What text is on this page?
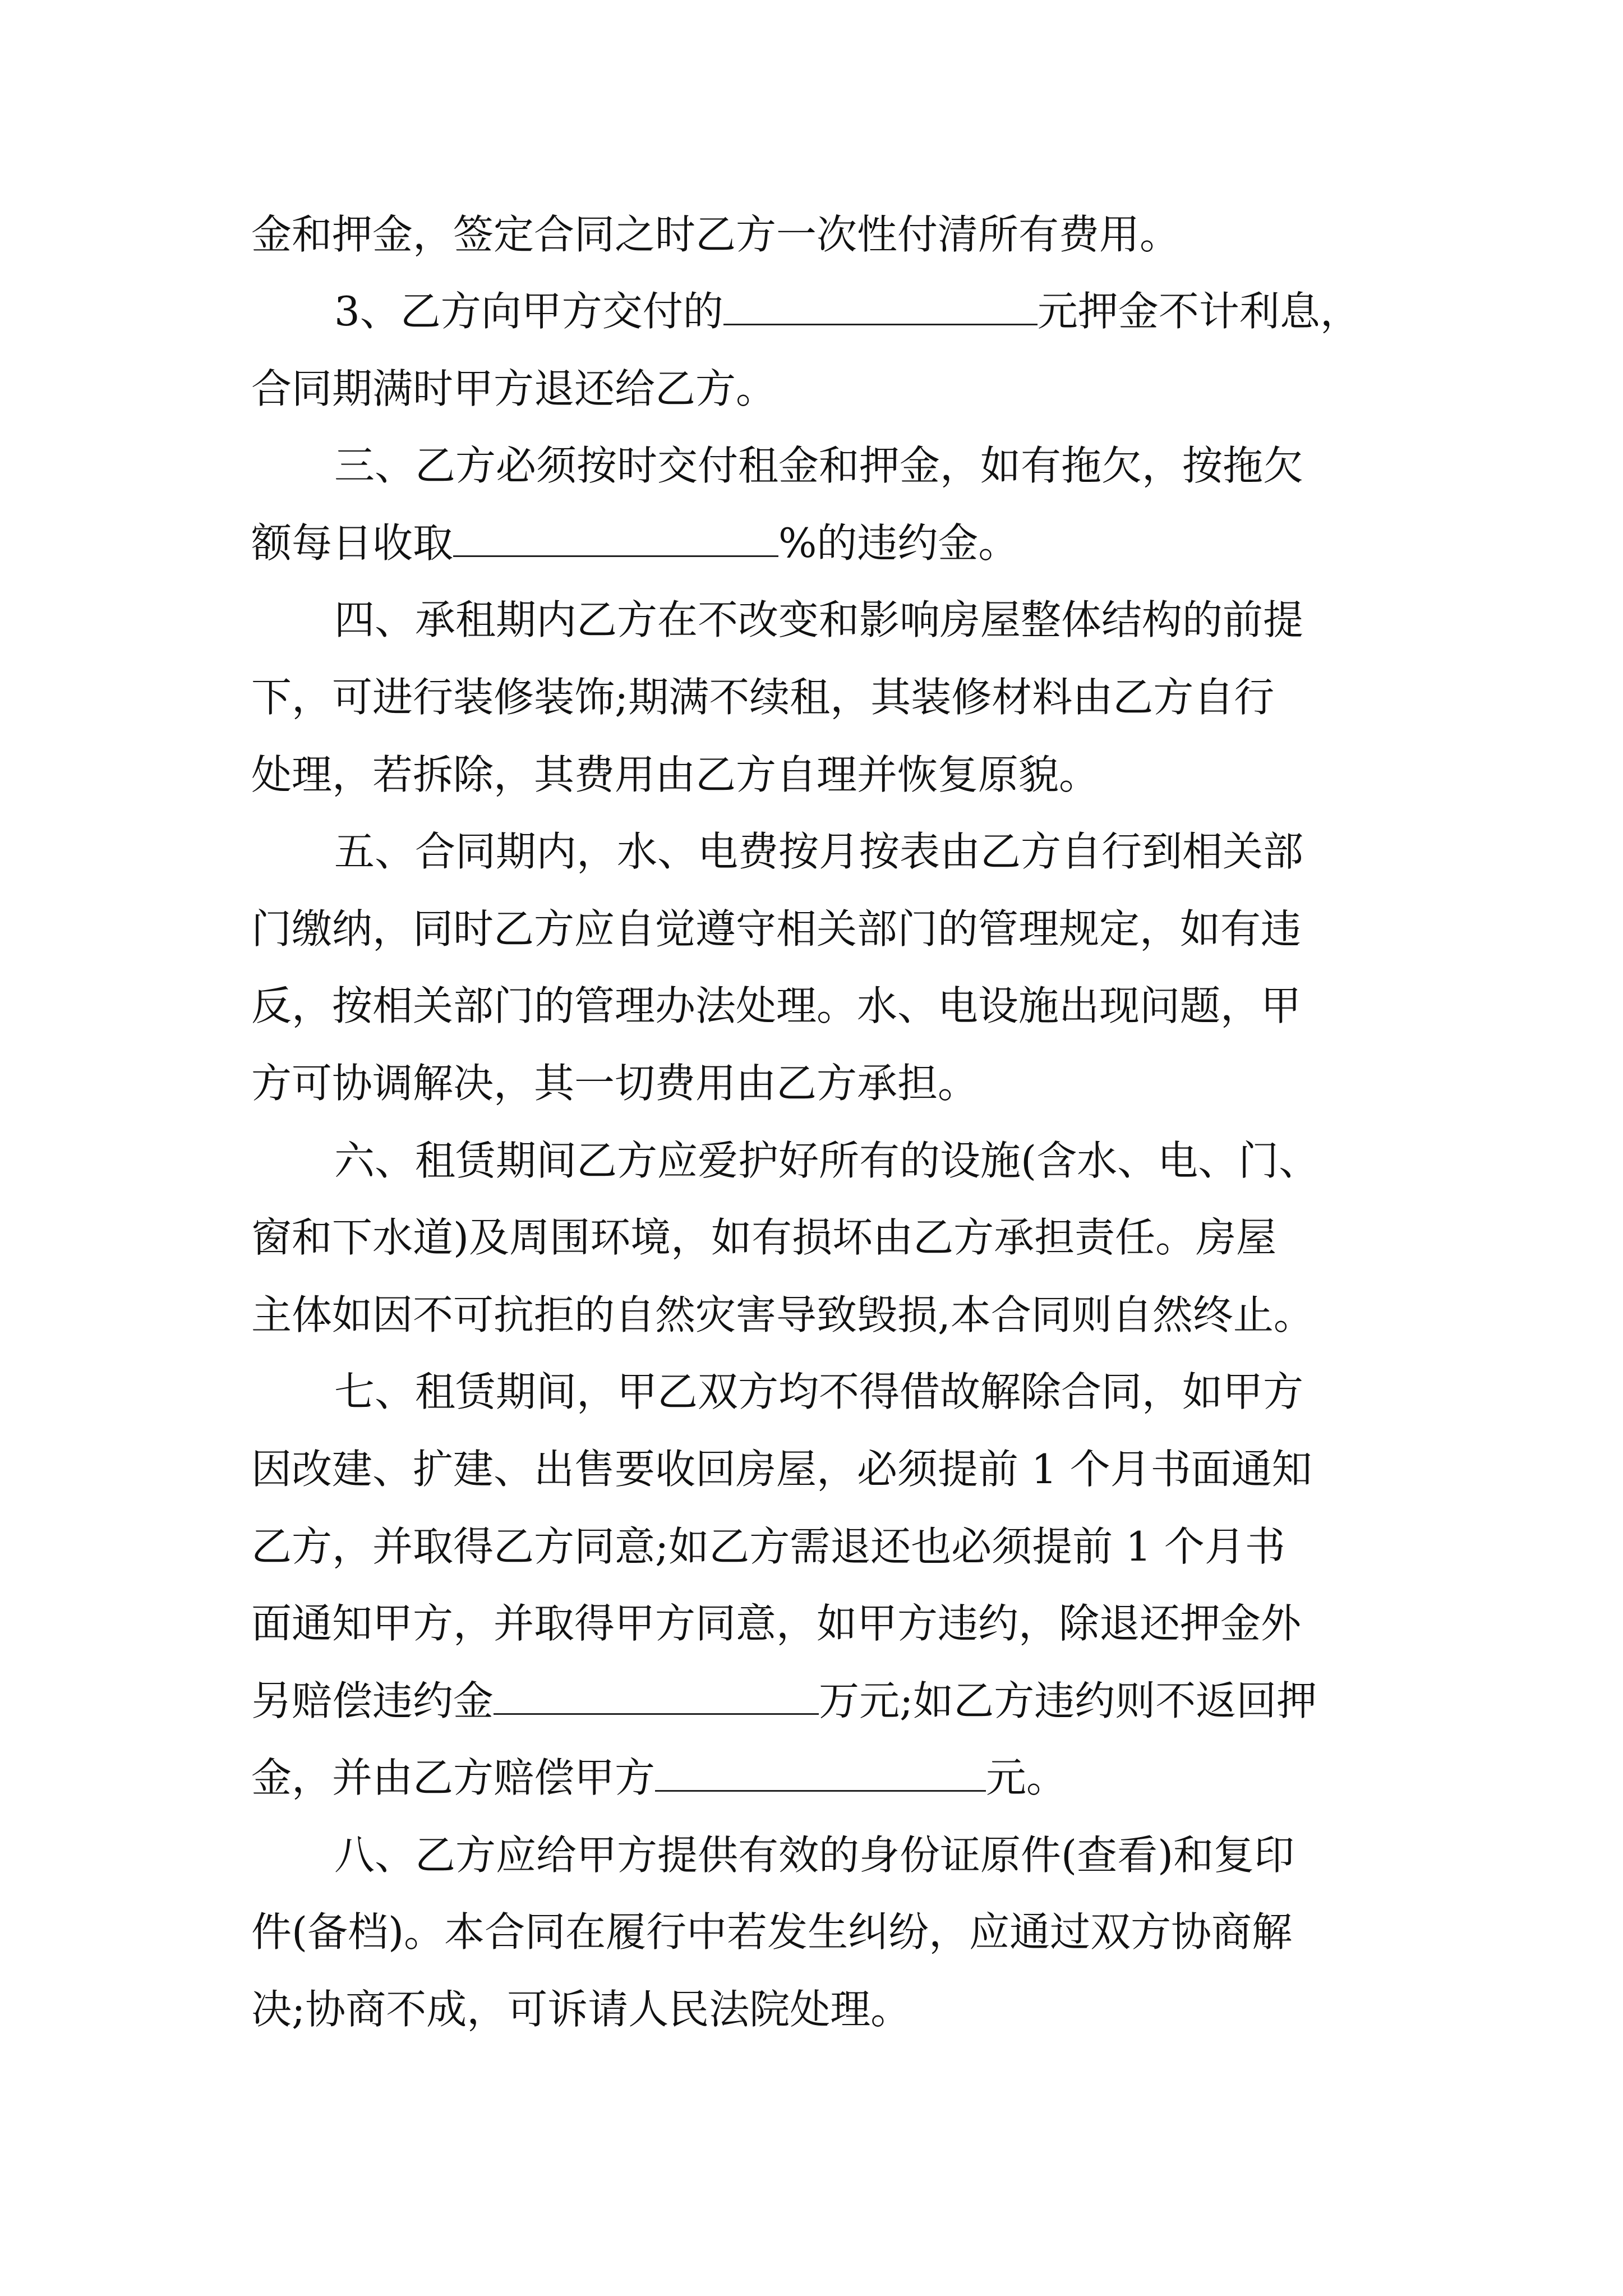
金和押金，签定合同之时乙方一次性付清所有费用。
3、乙方向甲方交付的	元押金不计利息，
合同期满时甲方退还给乙方。
三、乙方必须按时交付租金和押金，如有拖欠，按拖欠
额每日收取	%的违约金。
四、承租期内乙方在不改变和影响房屋整体结构的前提
下，可进行装修装饰;期满不续租，其装修材料由乙方自行
处理，若拆除，其费用由乙方自理并恢复原貌。
五、合同期内，水、电费按月按表由乙方自行到相关部
门缴纳，同时乙方应自觉遵守相关部门的管理规定，如有违
反，按相关部门的管理办法处理。水、电设施出现问题，甲
方可协调解决，其一切费用由乙方承担。
六、租赁期间乙方应爱护好所有的设施(含水、电、门、
窗和下水道)及周围环境，如有损坏由乙方承担责任。房屋
主体如因不可抗拒的自然灾害导致毁损,本合同则自然终止。
七、租赁期间，甲乙双方均不得借故解除合同，如甲方
因改建、扩建、出售要收回房屋，必须提前 1 个月书面通知
乙方，并取得乙方同意;如乙方需退还也必须提前 1 个月书
面通知甲方，并取得甲方同意，如甲方违约，除退还押金外
另赔偿违约金	万元;如乙方违约则不返回押
金，并由乙方赔偿甲方	元。
八、乙方应给甲方提供有效的身份证原件(查看)和复印
件(备档)。本合同在履行中若发生纠纷，应通过双方协商解
决;协商不成，可诉请人民法院处理。
